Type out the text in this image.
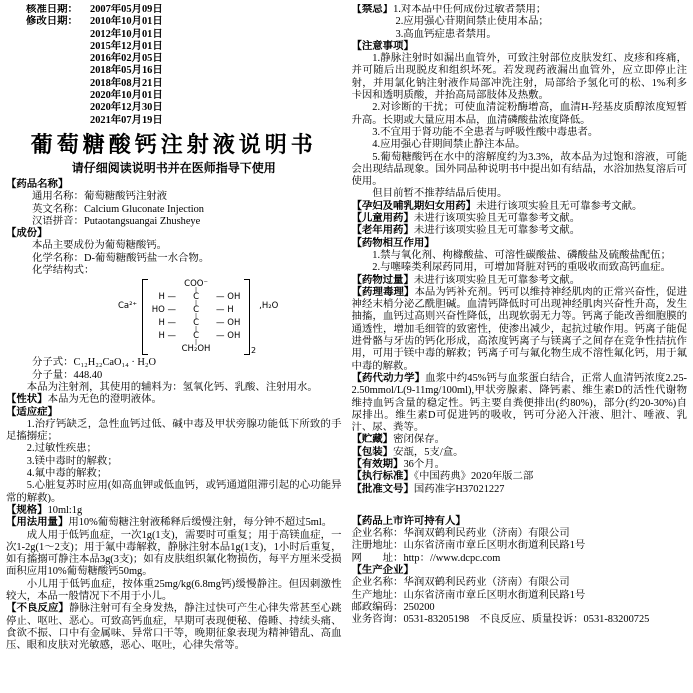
核准日期：	2007年05月09日
修改日期：	2010年10月01日
2012年10月01日
2015年12月01日
2016年02月05日
2018年05月16日
2018年08月21日
2020年10月01日
2020年12月30日
2021年07月19日
葡萄糖酸钙注射液说明书
请仔细阅读说明书并在医师指导下使用

【药品名称】

通用名称：葡萄糖酸钙注射液

英文名称：Calcium Gluconate Injection

汉语拼音：Putaotangsuangai Zhusheye

【成份】

本品主要成份为葡萄糖酸钙。

化学名称：D-葡萄糖酸钙盐一水合物。

化学结构式：

Ca²⁺
COO⁻
|
H —	C	— OH
|
HO —	C	— H
|
H —	C	— OH
|
H —	C	— OH
|
CH₂OH	2
,H₂O

分子式：C₁₂H₂₂CaO₁₄ · H₂O

分子量：448.40

本品为注射剂，其使用的辅料为：氢氧化钙、乳酸、注射用水。

【性状】本品为无色的澄明液体。

【适应症】

1.治疗钙缺乏，急性血钙过低、碱中毒及甲状旁腺功能低下所致的手足搐搦症；

2.过敏性疾患；

3.镁中毒时的解救；

4.氟中毒的解救；

5.心脏复苏时应用(如高血钾或低血钙，或钙通道阻滞引起的心功能异常的解救)。

【规格】10ml:1g

【用法用量】用10%葡萄糖注射液稀释后缓慢注射，每分钟不超过5ml。

成人用于低钙血症，一次1g(1支)，需要时可重复；用于高镁血症，一次1-2g(1～2支)；用于氟中毒解救，静脉注射本品1g(1支)，1小时后重复，如有搐搦可静注本品3g(3支)；如有皮肤组织氟化物损伤，每平方厘米受损面积应用10%葡萄糖酸钙50mg。

小儿用于低钙血症，按体重25mg/kg(6.8mg钙)缓慢静注。但因刺激性较大，本品一般情况下不用于小儿。

【不良反应】静脉注射可有全身发热，静注过快可产生心律失常甚至心跳停止、呕吐、恶心。可致高钙血症，早期可表现便秘、倦睡、持续头痛、食欲不振、口中有金属味、异常口干等，晚期征象表现为精神错乱、高血压、眼和皮肤对光敏感，恶心、呕吐，心律失常等。

【禁忌】1.对本品中任何成份过敏者禁用；

2.应用强心苷期间禁止使用本品；

3.高血钙症患者禁用。

【注意事项】

1.静脉注射时如漏出血管外，可致注射部位皮肤发红、皮疹和疼痛，并可随后出现脱皮和组织坏死。若发现药液漏出血管外，应立即停止注射，并用氯化钠注射液作局部冲洗注射，局部给予氢化可的松、1%利多卡因和透明质酸，并抬高局部肢体及热敷。

2.对诊断的干扰；可使血清淀粉酶增高，血清H-羟基皮质醇浓度短暂升高。长期或大量应用本品，血清磷酸盐浓度降低。

3.不宜用于肾功能不全患者与呼吸性酸中毒患者。

4.应用强心苷期间禁止静注本品。

5.葡萄糖酸钙在水中的溶解度约为3.3%，故本品为过饱和溶液，可能会出现结晶现象。国外同品种说明书中提出如有结晶，水浴加热复溶后可使用。

但目前暂不推荐结晶后使用。

【孕妇及哺乳期妇女用药】未进行该项实验且无可靠参考文献。

【儿童用药】未进行该项实验且无可靠参考文献。

【老年用药】未进行该项实验且无可靠参考文献。

【药物相互作用】

1.禁与氧化剂、枸橼酸盐、可溶性碳酸盐、磷酸盐及硫酸盐配伍；

2.与噻嗪类利尿药同用，可增加肾脏对钙的重吸收而致高钙血症。

【药物过量】未进行该项实验且无可靠参考文献。

【药理毒理】本品为钙补充剂。钙可以维持神经肌肉的正常兴奋性，促进神经末梢分泌乙酰胆碱。血清钙降低时可出现神经肌肉兴奋性升高，发生抽搐，血钙过高则兴奋性降低，出现软弱无力等。钙离子能改善细胞膜的通透性，增加毛细管的致密性，使渗出减少，起抗过敏作用。钙离子能促进骨骼与牙齿的钙化形成，高浓度钙离子与镁离子之间存在竞争性拮抗作用，可用于镁中毒的解救；钙离子可与氟化物生成不溶性氟化钙，用于氟中毒的解救。

【药代动力学】血浆中约45%钙与血浆蛋白结合，正常人血清钙浓度2.25-2.50mmol/L(9-11mg/100ml),甲状旁腺素、降钙素、维生素D的活性代谢物维持血钙含量的稳定性。钙主要自粪便排出(约80%)，部分(约20-30%)自尿排出。维生素D可促进钙的吸收，钙可分泌入汗液、胆汁、唾液、乳汁、尿、粪等。

【贮藏】密闭保存。

【包装】安瓿，5支/盒。

【有效期】36个月。

【执行标准】《中国药典》2020年版二部

【批准文号】国药准字H37021227

【药品上市许可持有人】

企业名称：华润双鹤利民药业（济南）有限公司

注册地址：山东省济南市章丘区明水街道利民路1号

网　　址：http：//www.dcpc.com

【生产企业】

企业名称：华润双鹤利民药业（济南）有限公司

生产地址：山东省济南市章丘区明水街道利民路1号

邮政编码：250200

业务咨询：0531-83205198　不良反应、质量投诉：0531-83200725
